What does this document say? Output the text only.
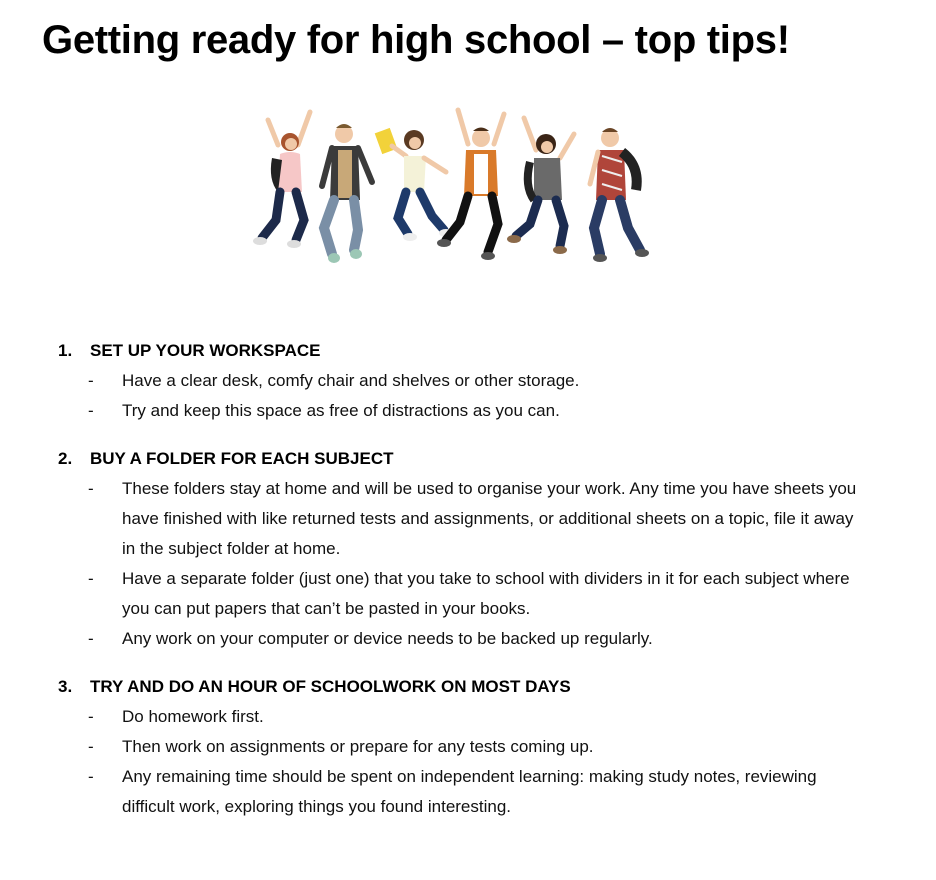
Getting ready for high school – top tips!
1.	SET UP YOUR WORKSPACE
-	Have a clear desk, comfy chair and shelves or other storage.
-	Try and keep this space as free of distractions as you can.
2.	BUY A FOLDER FOR EACH SUBJECT
-	These folders stay at home and will be used to organise your work. Any time you have sheets you have finished with like returned tests and assignments, or additional sheets on a topic, file it away in the subject folder at home.
-	Have a separate folder (just one) that you take to school with dividers in it for each subject where you can put papers that can’t be pasted in your books.
-	Any work on your computer or device needs to be backed up regularly.
3.	TRY AND DO AN HOUR OF SCHOOLWORK ON MOST DAYS
-	Do homework first.
-	Then work on assignments or prepare for any tests coming up.
-	Any remaining time should be spent on independent learning: making study notes, reviewing difficult work, exploring things you found interesting.
